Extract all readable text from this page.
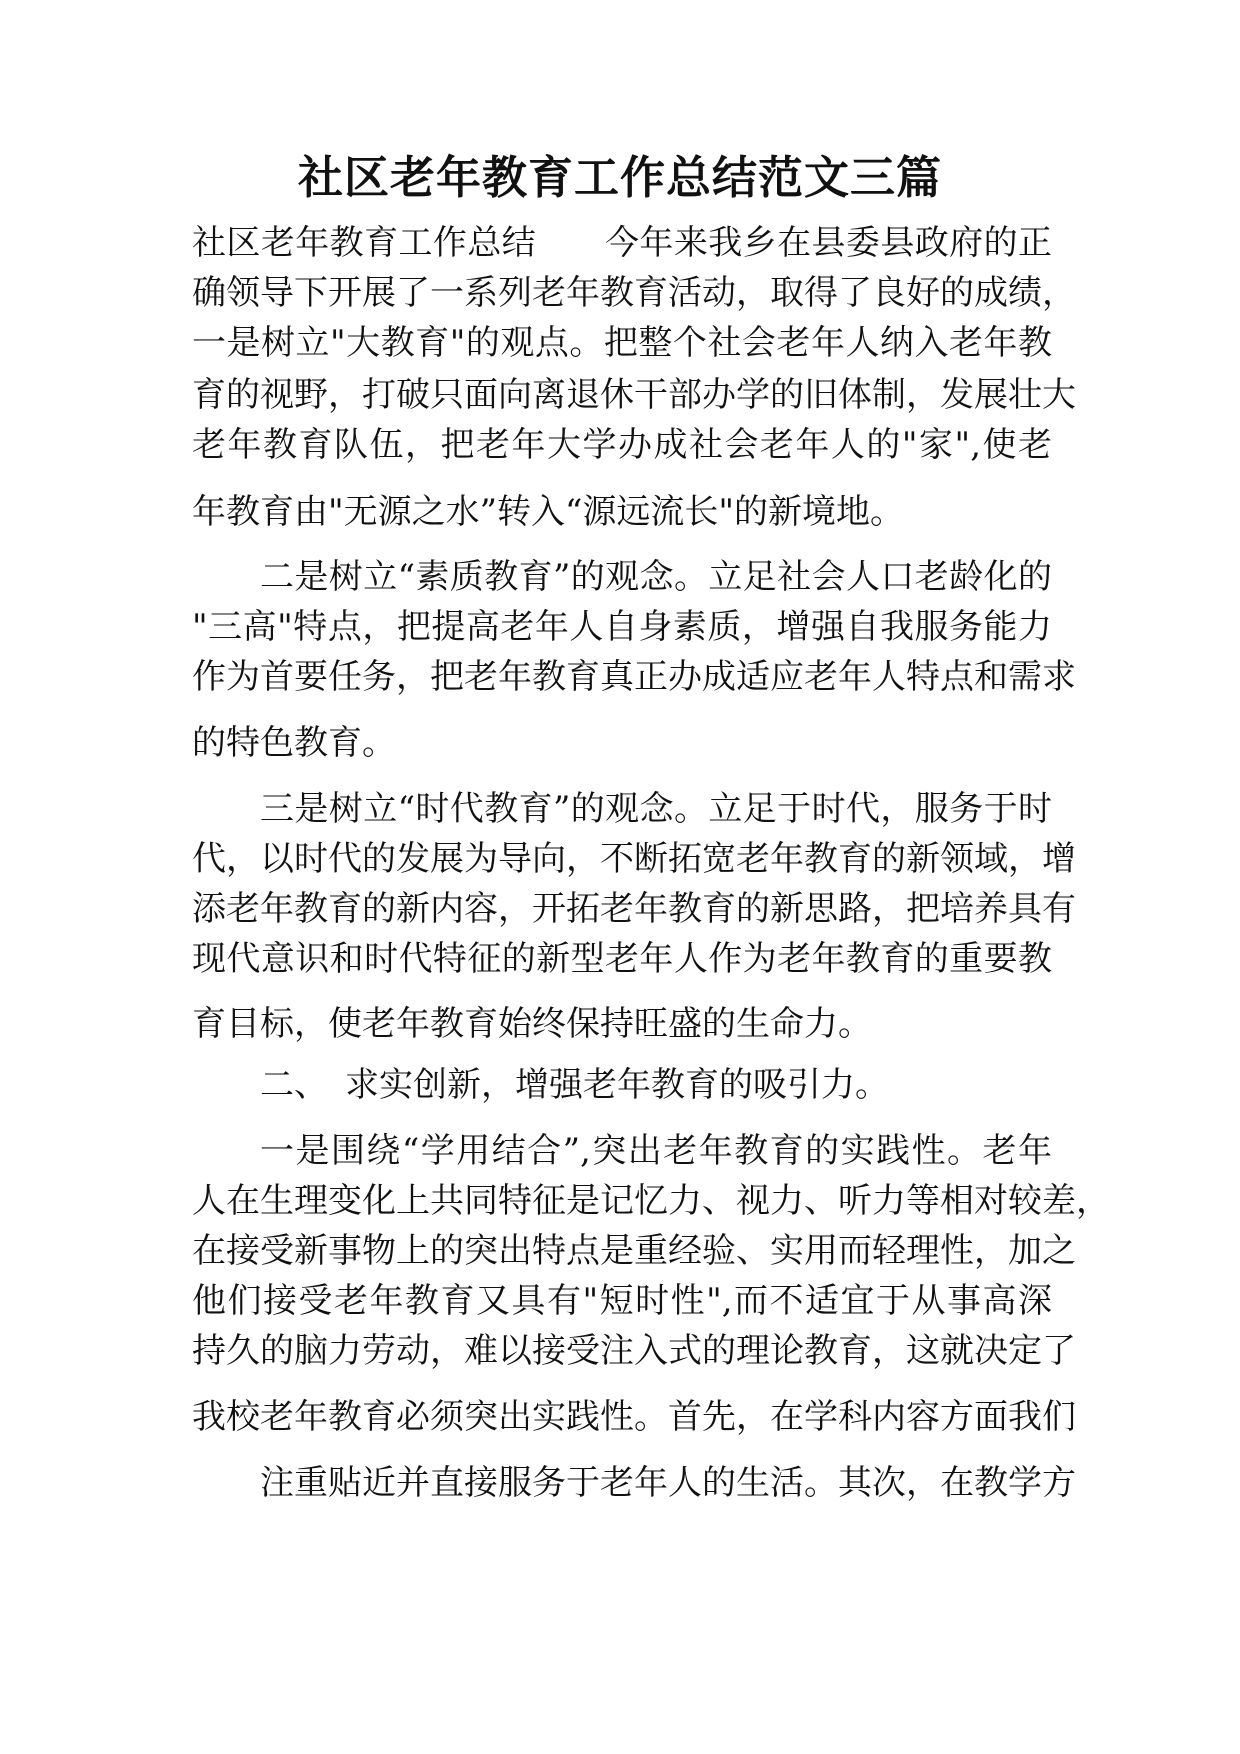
社区老年教育工作总结范文三篇

社区老年教育工作总结　　今年来我乡在县委县政府的正

确领导下开展了一系列老年教育活动，取得了良好的成绩，

一是树立"大教育"的观点。把整个社会老年人纳入老年教

育的视野，打破只面向离退休干部办学的旧体制，发展壮大

老年教育队伍，把老年大学办成社会老年人的"家",使老

年教育由"无源之水”转入“源远流长"的新境地。

二是树立“素质教育”的观念。立足社会人口老龄化的

"三高"特点，把提高老年人自身素质，增强自我服务能力

作为首要任务，把老年教育真正办成适应老年人特点和需求

的特色教育。

三是树立“时代教育”的观念。立足于时代，服务于时

代，以时代的发展为导向，不断拓宽老年教育的新领域，增

添老年教育的新内容，开拓老年教育的新思路，把培养具有

现代意识和时代特征的新型老年人作为老年教育的重要教

育目标，使老年教育始终保持旺盛的生命力。

二、　求实创新，增强老年教育的吸引力。

一是围绕“学用结合”,突出老年教育的实践性。老年

人在生理变化上共同特征是记忆力、视力、听力等相对较差，

在接受新事物上的突出特点是重经验、实用而轻理性，加之

他们接受老年教育又具有"短时性",而不适宜于从事高深

持久的脑力劳动，难以接受注入式的理论教育，这就决定了

我校老年教育必须突出实践性。首先，在学科内容方面我们

注重贴近并直接服务于老年人的生活。其次，在教学方
